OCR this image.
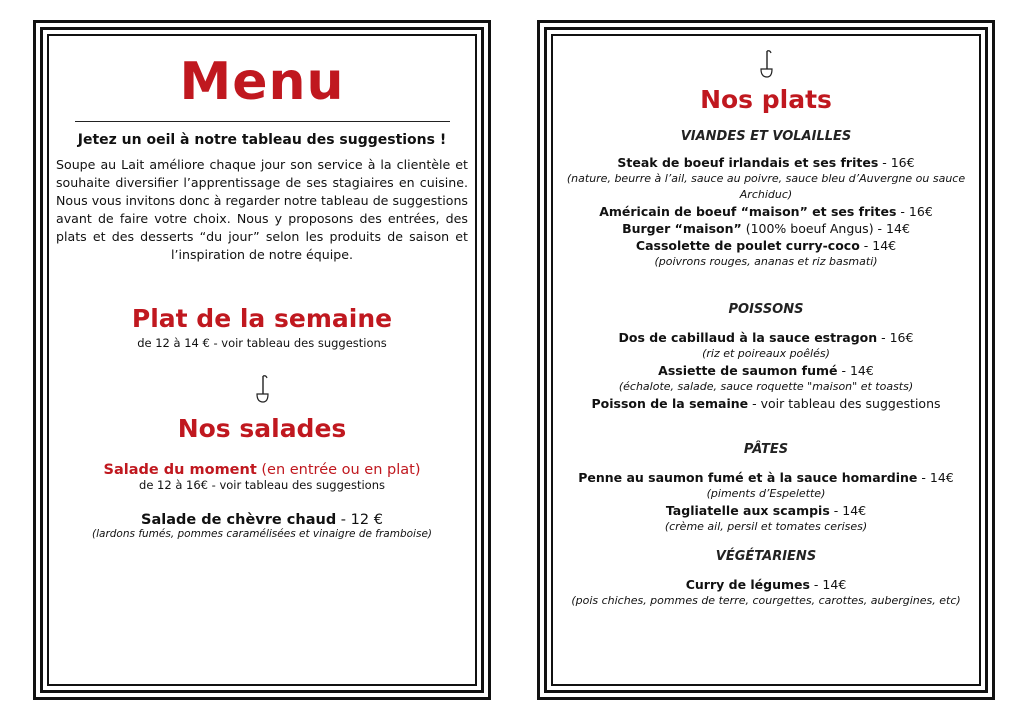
Menu
Jetez un oeil à notre tableau des suggestions !

Soupe au Lait améliore chaque jour son service à la clientèle et souhaite diversifier l’apprentissage de ses stagiaires en cuisine. Nous vous invitons donc à regarder notre tableau de suggestions avant de faire votre choix. Nous y proposons des entrées, des plats et des desserts “du jour” selon les produits de saison et l’inspiration de notre équipe.

Plat de la semaine
de 12 à 14 € - voir tableau des suggestions
Nos salades
Salade du moment (en entrée ou en plat)
de 12 à 16€ - voir tableau des suggestions
Salade de chèvre chaud - 12 €
(lardons fumés, pommes caramélisées et vinaigre de framboise)
Nos plats
VIANDES ET VOLAILLES

Steak de boeuf irlandais et ses frites - 16€

(nature, beurre à l’ail, sauce au poivre, sauce bleu d’Auvergne ou sauce Archiduc)

Américain de boeuf “maison” et ses frites - 16€

Burger “maison” (100% boeuf Angus) - 14€

Cassolette de poulet curry-coco - 14€

(poivrons rouges, ananas et riz basmati)

POISSONS

Dos de cabillaud à la sauce estragon - 16€

(riz et poireaux poêlés)

Assiette de saumon fumé - 14€

(échalote, salade, sauce roquette "maison" et toasts)

Poisson de la semaine - voir tableau des suggestions

PÂTES

Penne au saumon fumé et à la sauce homardine - 14€

(piments d’Espelette)

Tagliatelle aux scampis - 14€

(crème ail, persil et tomates cerises)

VÉGÉTARIENS

Curry de légumes - 14€

(pois chiches, pommes de terre, courgettes, carottes, aubergines, etc)
